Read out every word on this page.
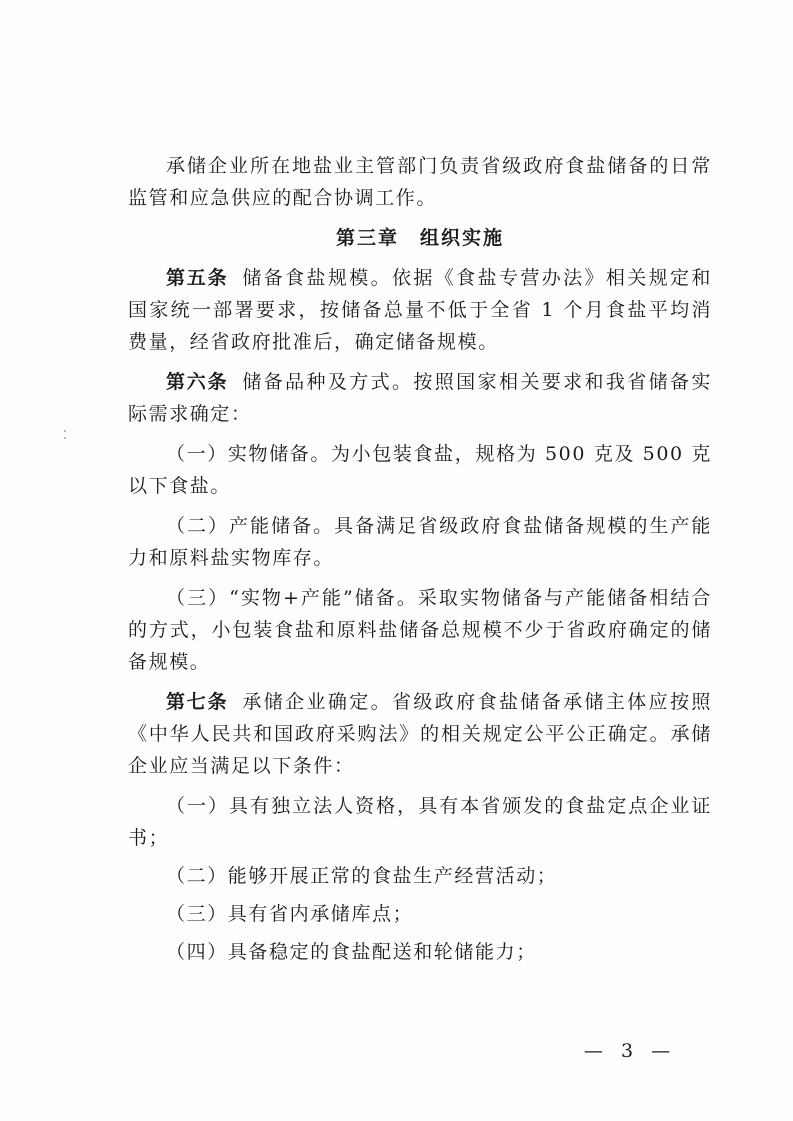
承储企业所在地盐业主管部门负责省级政府食盐储备的日常监管和应急供应的配合协调工作。

第三章　组织实施

第五条 储备食盐规模。依据《食盐专营办法》相关规定和国家统一部署要求，按储备总量不低于全省 1 个月食盐平均消费量，经省政府批准后，确定储备规模。

第六条 储备品种及方式。按照国家相关要求和我省储备实际需求确定：

（一）实物储备。为小包装食盐，规格为 500 克及 500 克以下食盐。

（二）产能储备。具备满足省级政府食盐储备规模的生产能力和原料盐实物库存。

（三）“实物+产能”储备。采取实物储备与产能储备相结合的方式，小包装食盐和原料盐储备总规模不少于省政府确定的储备规模。

第七条 承储企业确定。省级政府食盐储备承储主体应按照《中华人民共和国政府采购法》的相关规定公平公正确定。承储企业应当满足以下条件：

（一）具有独立法人资格，具有本省颁发的食盐定点企业证书；

（二）能够开展正常的食盐生产经营活动；

（三）具有省内承储库点；

（四）具备稳定的食盐配送和轮储能力；

— 3 —
